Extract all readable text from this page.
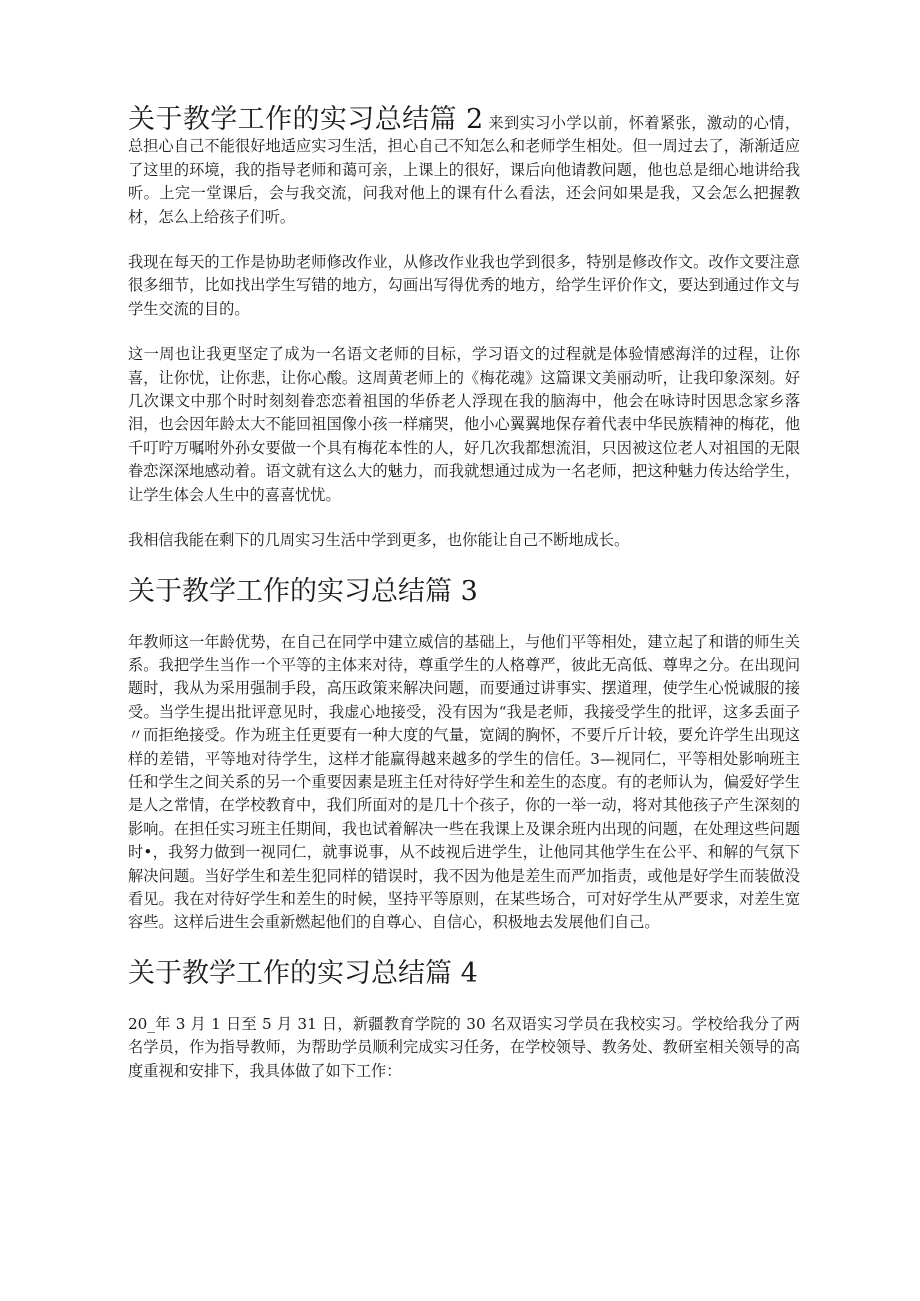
关于教学工作的实习总结篇 2 来到实习小学以前，怀着紧张，激动的心情，总担心自己不能很好地适应实习生活，担心自己不知怎么和老师学生相处。但一周过去了，渐渐适应了这里的环境，我的指导老师和蔼可亲，上课上的很好，课后向他请教问题，他也总是细心地讲给我听。上完一堂课后，会与我交流，问我对他上的课有什么看法，还会问如果是我，又会怎么把握教材，怎么上给孩子们听。

我现在每天的工作是协助老师修改作业，从修改作业我也学到很多，特别是修改作文。改作文要注意很多细节，比如找出学生写错的地方，勾画出写得优秀的地方，给学生评价作文，要达到通过作文与学生交流的目的。

这一周也让我更坚定了成为一名语文老师的目标，学习语文的过程就是体验情感海洋的过程，让你喜，让你忧，让你悲，让你心酸。这周黄老师上的《梅花魂》这篇课文美丽动听，让我印象深刻。好几次课文中那个时时刻刻眷恋恋着祖国的华侨老人浮现在我的脑海中，他会在咏诗时因思念家乡落泪，也会因年龄太大不能回祖国像小孩一样痛哭，他小心翼翼地保存着代表中华民族精神的梅花，他千叮咛万嘱咐外孙女要做一个具有梅花本性的人，好几次我都想流泪，只因被这位老人对祖国的无限眷恋深深地感动着。语文就有这么大的魅力，而我就想通过成为一名老师，把这种魅力传达给学生，让学生体会人生中的喜喜忧忧。

我相信我能在剩下的几周实习生活中学到更多，也你能让自己不断地成长。

关于教学工作的实习总结篇 3

年教师这一年龄优势，在自己在同学中建立威信的基础上，与他们平等相处，建立起了和谐的师生关系。我把学生当作一个平等的主体来对待，尊重学生的人格尊严，彼此无高低、尊卑之分。在出现问题时，我从为采用强制手段，高压政策来解决问题，而要通过讲事实、摆道理，使学生心悦诚服的接受。当学生提出批评意见时，我虚心地接受，没有因为“我是老师，我接受学生的批评，这多丢面子〃而拒绝接受。作为班主任更要有一种大度的气量，宽阔的胸怀，不要斤斤计较，要允许学生出现这样的差错，平等地对待学生，这样才能赢得越来越多的学生的信任。3—视同仁，平等相处影响班主任和学生之间关系的另一个重要因素是班主任对待好学生和差生的态度。有的老师认为，偏爱好学生是人之常情，在学校教育中，我们所面对的是几十个孩子，你的一举一动，将对其他孩子产生深刻的影响。在担任实习班主任期间，我也试着解决一些在我课上及课余班内出现的问题，在处理这些问题时•，我努力做到一视同仁，就事说事，从不歧视后进学生，让他同其他学生在公平、和解的气氛下解决问题。当好学生和差生犯同样的错误时，我不因为他是差生而严加指责，或他是好学生而装做没看见。我在对待好学生和差生的时候，坚持平等原则，在某些场合，可对好学生从严要求，对差生宽容些。这样后进生会重新燃起他们的自尊心、自信心，积极地去发展他们自己。

关于教学工作的实习总结篇 4

20_年 3 月 1 日至 5 月 31 日，新疆教育学院的 30 名双语实习学员在我校实习。学校给我分了两名学员，作为指导教师，为帮助学员顺利完成实习任务，在学校领导、教务处、教研室相关领导的高度重视和安排下，我具体做了如下工作：
